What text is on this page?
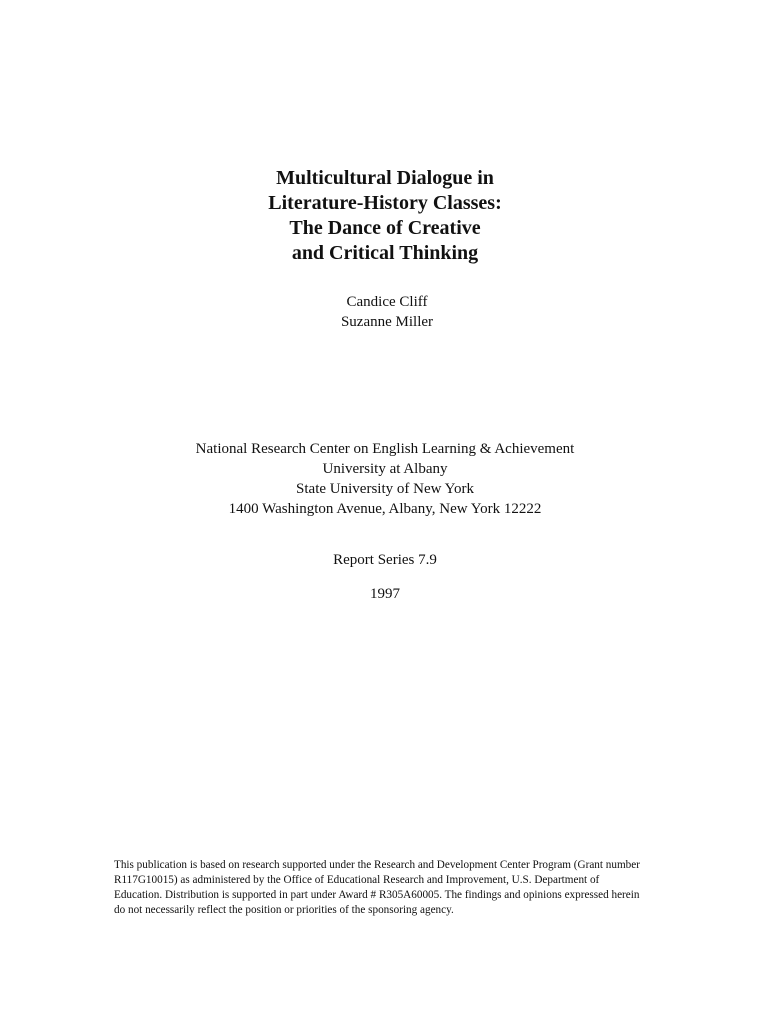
Multicultural Dialogue in
Literature-History Classes:
The Dance of Creative
and Critical Thinking
Candice Cliff
Suzanne Miller
National Research Center on English Learning & Achievement
University at Albany
State University of New York
1400 Washington Avenue, Albany, New York 12222
Report Series 7.9
1997
This publication is based on research supported under the Research and Development Center Program (Grant number
R117G10015) as administered by the Office of Educational Research and Improvement, U.S. Department of
Education. Distribution is supported in part under Award # R305A60005. The findings and opinions expressed herein
do not necessarily reflect the position or priorities of the sponsoring agency.
